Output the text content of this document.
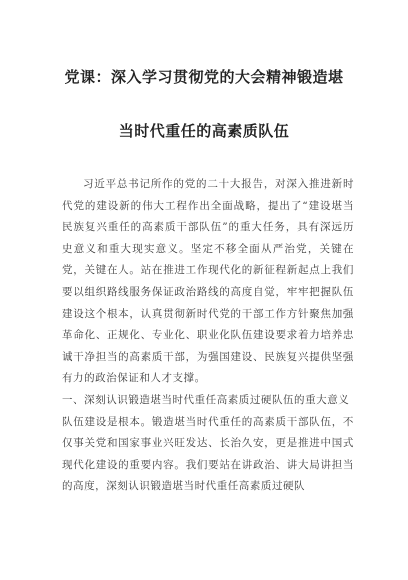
党课：深入学习贯彻党的大会精神锻造堪
当时代重任的高素质队伍

习近平总书记所作的党的二十大报告，对深入推进新时代党的建设新的伟大工程作出全面战略，提出了“建设堪当民族复兴重任的高素质干部队伍”的重大任务，具有深远历史意义和重大现实意义。坚定不移全面从严治党，关键在党，关键在人。站在推进工作现代化的新征程新起点上我们要以组织路线服务保证政治路线的高度自觉，牢牢把握队伍建设这个根本，认真贯彻新时代党的干部工作方针聚焦加强革命化、正规化、专业化、职业化队伍建设要求着力培养忠诚干净担当的高素质干部，为强国建设、民族复兴提供坚强有力的政治保证和人才支撑。

一、深刻认识锻造堪当时代重任高素质过硬队伍的重大意义

队伍建设是根本。锻造堪当时代重任的高素质干部队伍，不仅事关党和国家事业兴旺发达、长治久安，更是推进中国式现代化建设的重要内容。我们要站在讲政治、讲大局讲担当的高度，深刻认识锻造堪当时代重任高素质过硬队
